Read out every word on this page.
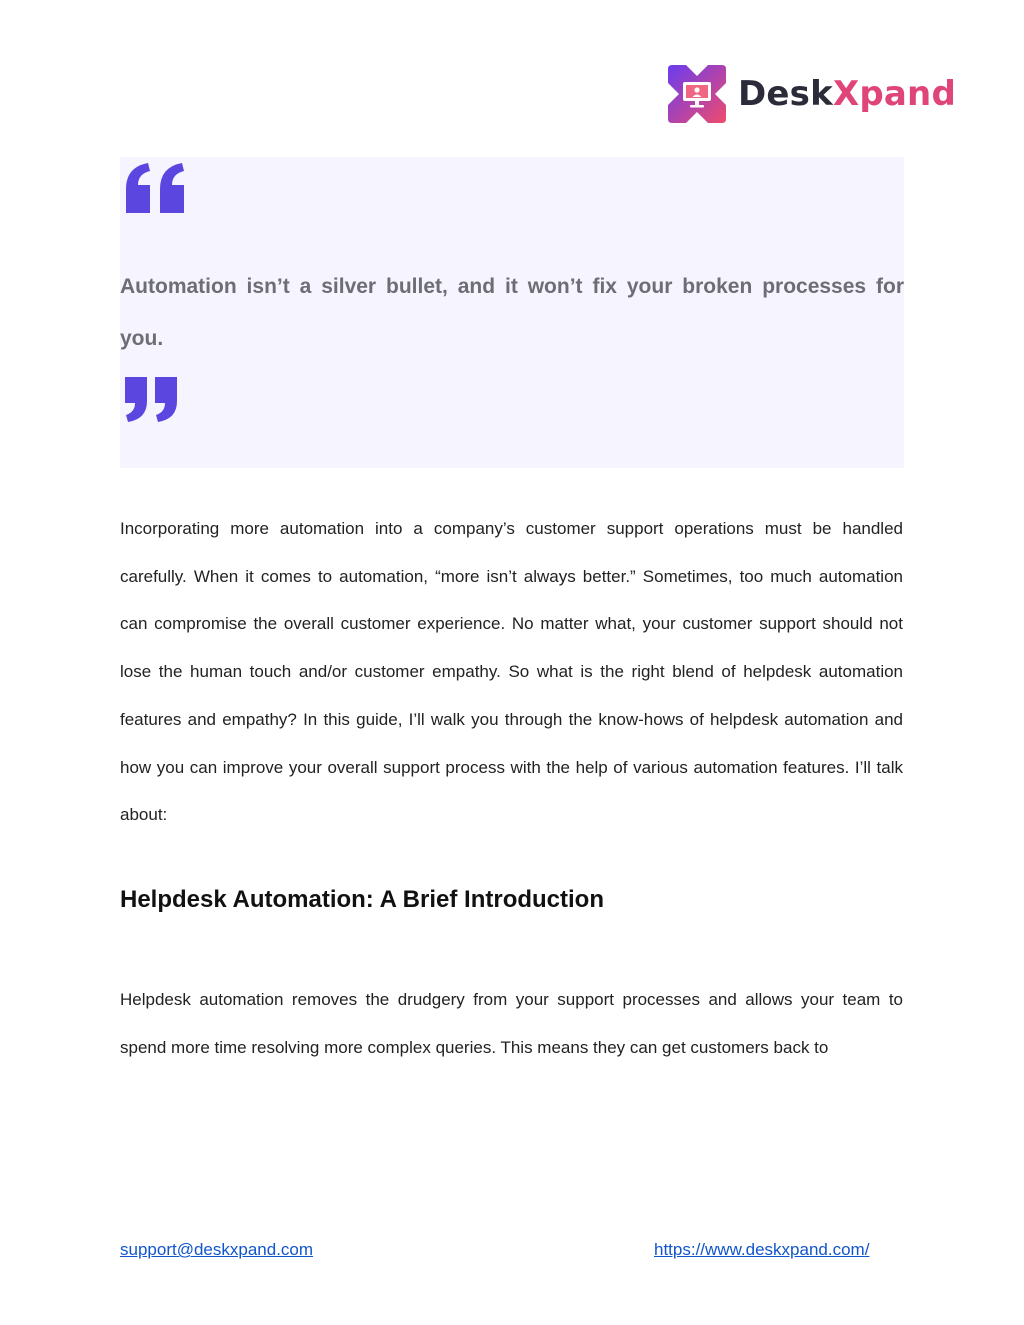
DeskXpand

Automation isn’t a silver bullet, and it won’t fix your broken processes for you.

Incorporating more automation into a company’s customer support operations must be handled carefully. When it comes to automation, “more isn’t always better.” Sometimes, too much automation can compromise the overall customer experience. No matter what, your customer support should not lose the human touch and/or customer empathy. So what is the right blend of helpdesk automation features and empathy? In this guide, I’ll walk you through the know-hows of helpdesk automation and how you can improve your overall support process with the help of various automation features. I’ll talk about:

Helpdesk Automation: A Brief Introduction

Helpdesk automation removes the drudgery from your support processes and allows your team to spend more time resolving more complex queries. This means they can get customers back to

support@deskxpand.com	https://www.deskxpand.com/
